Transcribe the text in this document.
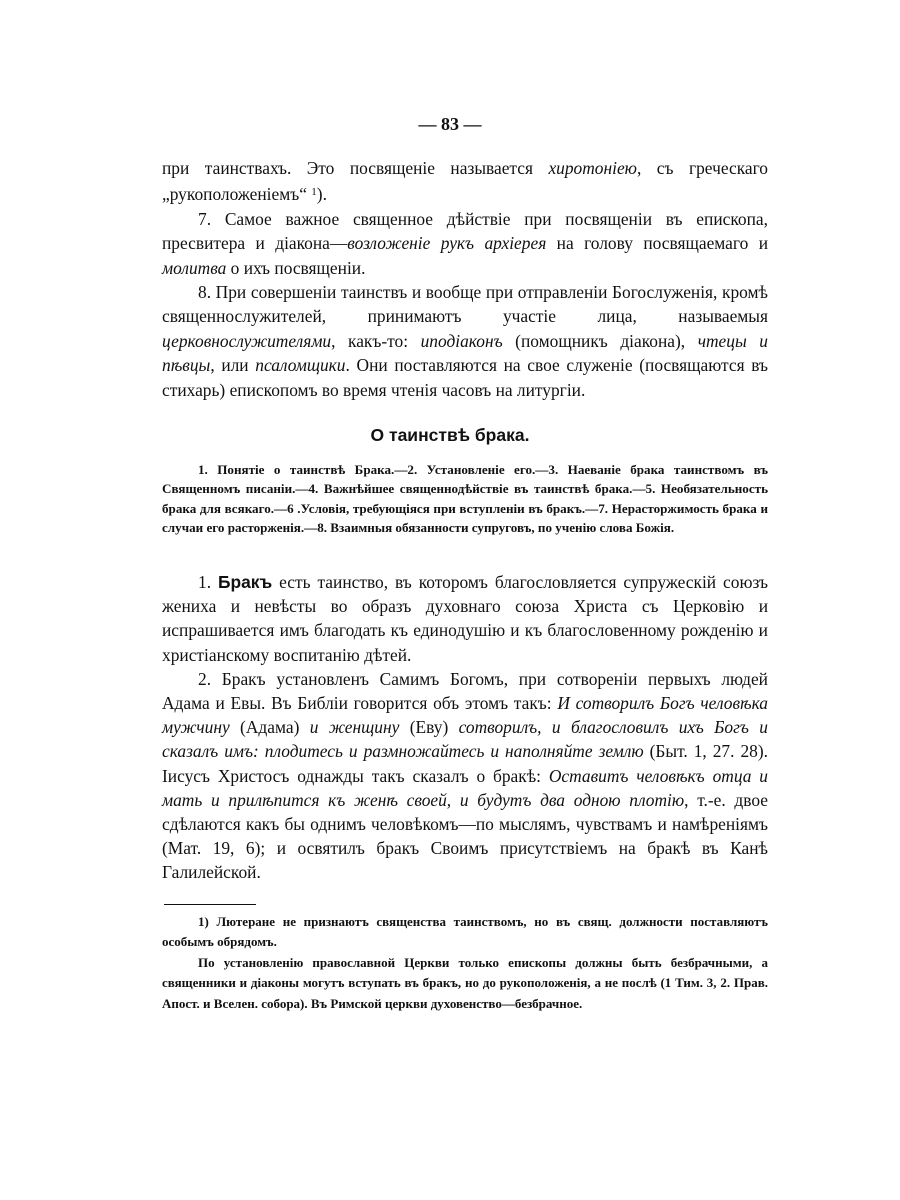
— 83 —

при таинствахъ. Это посвященіе называется хиротоніею, съ греческаго „рукоположеніемъ“ $^1$).

7. Самое важное священное дѣйствіе при посвященіи въ епископа, пресвитера и діакона—возложеніе рукъ архіерея на голову посвящаемаго и молитва о ихъ посвященіи.

8. При совершеніи таинствъ и вообще при отправленіи Богослуженія, кромѣ священнослужителей, принимаютъ участіе лица, называемыя церковнослужителями, какъ-то: иподіаконъ (помощникъ діакона), чтецы и пѣвцы, или псаломщики. Они поставляются на свое служеніе (посвящаются въ стихарь) епископомъ во время чтенія часовъ на литургіи.

О таинствѣ брака.

1. Понятіе о таинствѣ Брака.—2. Установленіе его.—3. Наеваніе брака таинствомъ въ Священномъ писаніи.—4. Важнѣйшее священнодѣйствіе въ таинствѣ брака.—5. Необязательность брака для всякаго.—6 .Условія, требующіяся при вступленіи въ бракъ.—7. Нерасторжимость брака и случаи его расторженія.—8. Взаимныя обязанности супруговъ, по ученію слова Божія.

1. Бракъ есть таинство, въ которомъ благословляется супружескій союзъ жениха и невѣсты во образъ духовнаго союза Христа съ Церковію и испрашивается имъ благодать къ единодушію и къ благословенному рожденію и христіанскому воспитанію дѣтей.

2. Бракъ установленъ Самимъ Богомъ, при сотвореніи первыхъ людей Адама и Евы. Въ Библіи говорится объ этомъ такъ: И сотворилъ Богъ человѣка мужчину (Адама) и женщину (Еву) сотворилъ, и благословилъ ихъ Богъ и сказалъ имъ: плодитесь и размножайтесь и наполняйте землю (Быт. 1, 27. 28). Іисусъ Христосъ однажды такъ сказалъ о бракѣ: Оставитъ человѣкъ отца и мать и прилѣпится къ женѣ своей, и будутъ два одною плотію, т.-е. двое сдѣлаются какъ бы однимъ человѣкомъ—по мыслямъ, чувствамъ и намѣреніямъ (Мат. 19, 6); и освятилъ бракъ Своимъ присутствіемъ на бракѣ въ Канѣ Галилейской.

1) Лютеране не признаютъ священства таинствомъ, но въ свящ. должности поставляютъ особымъ обрядомъ.

По установленію православной Церкви только епископы должны быть безбрачными, а священники и діаконы могутъ вступать въ бракъ, но до рукоположенія, а не послѣ (1 Тим. 3, 2. Прав. Апост. и Вселен. собора). Въ Римской церкви духовенство—безбрачное.
